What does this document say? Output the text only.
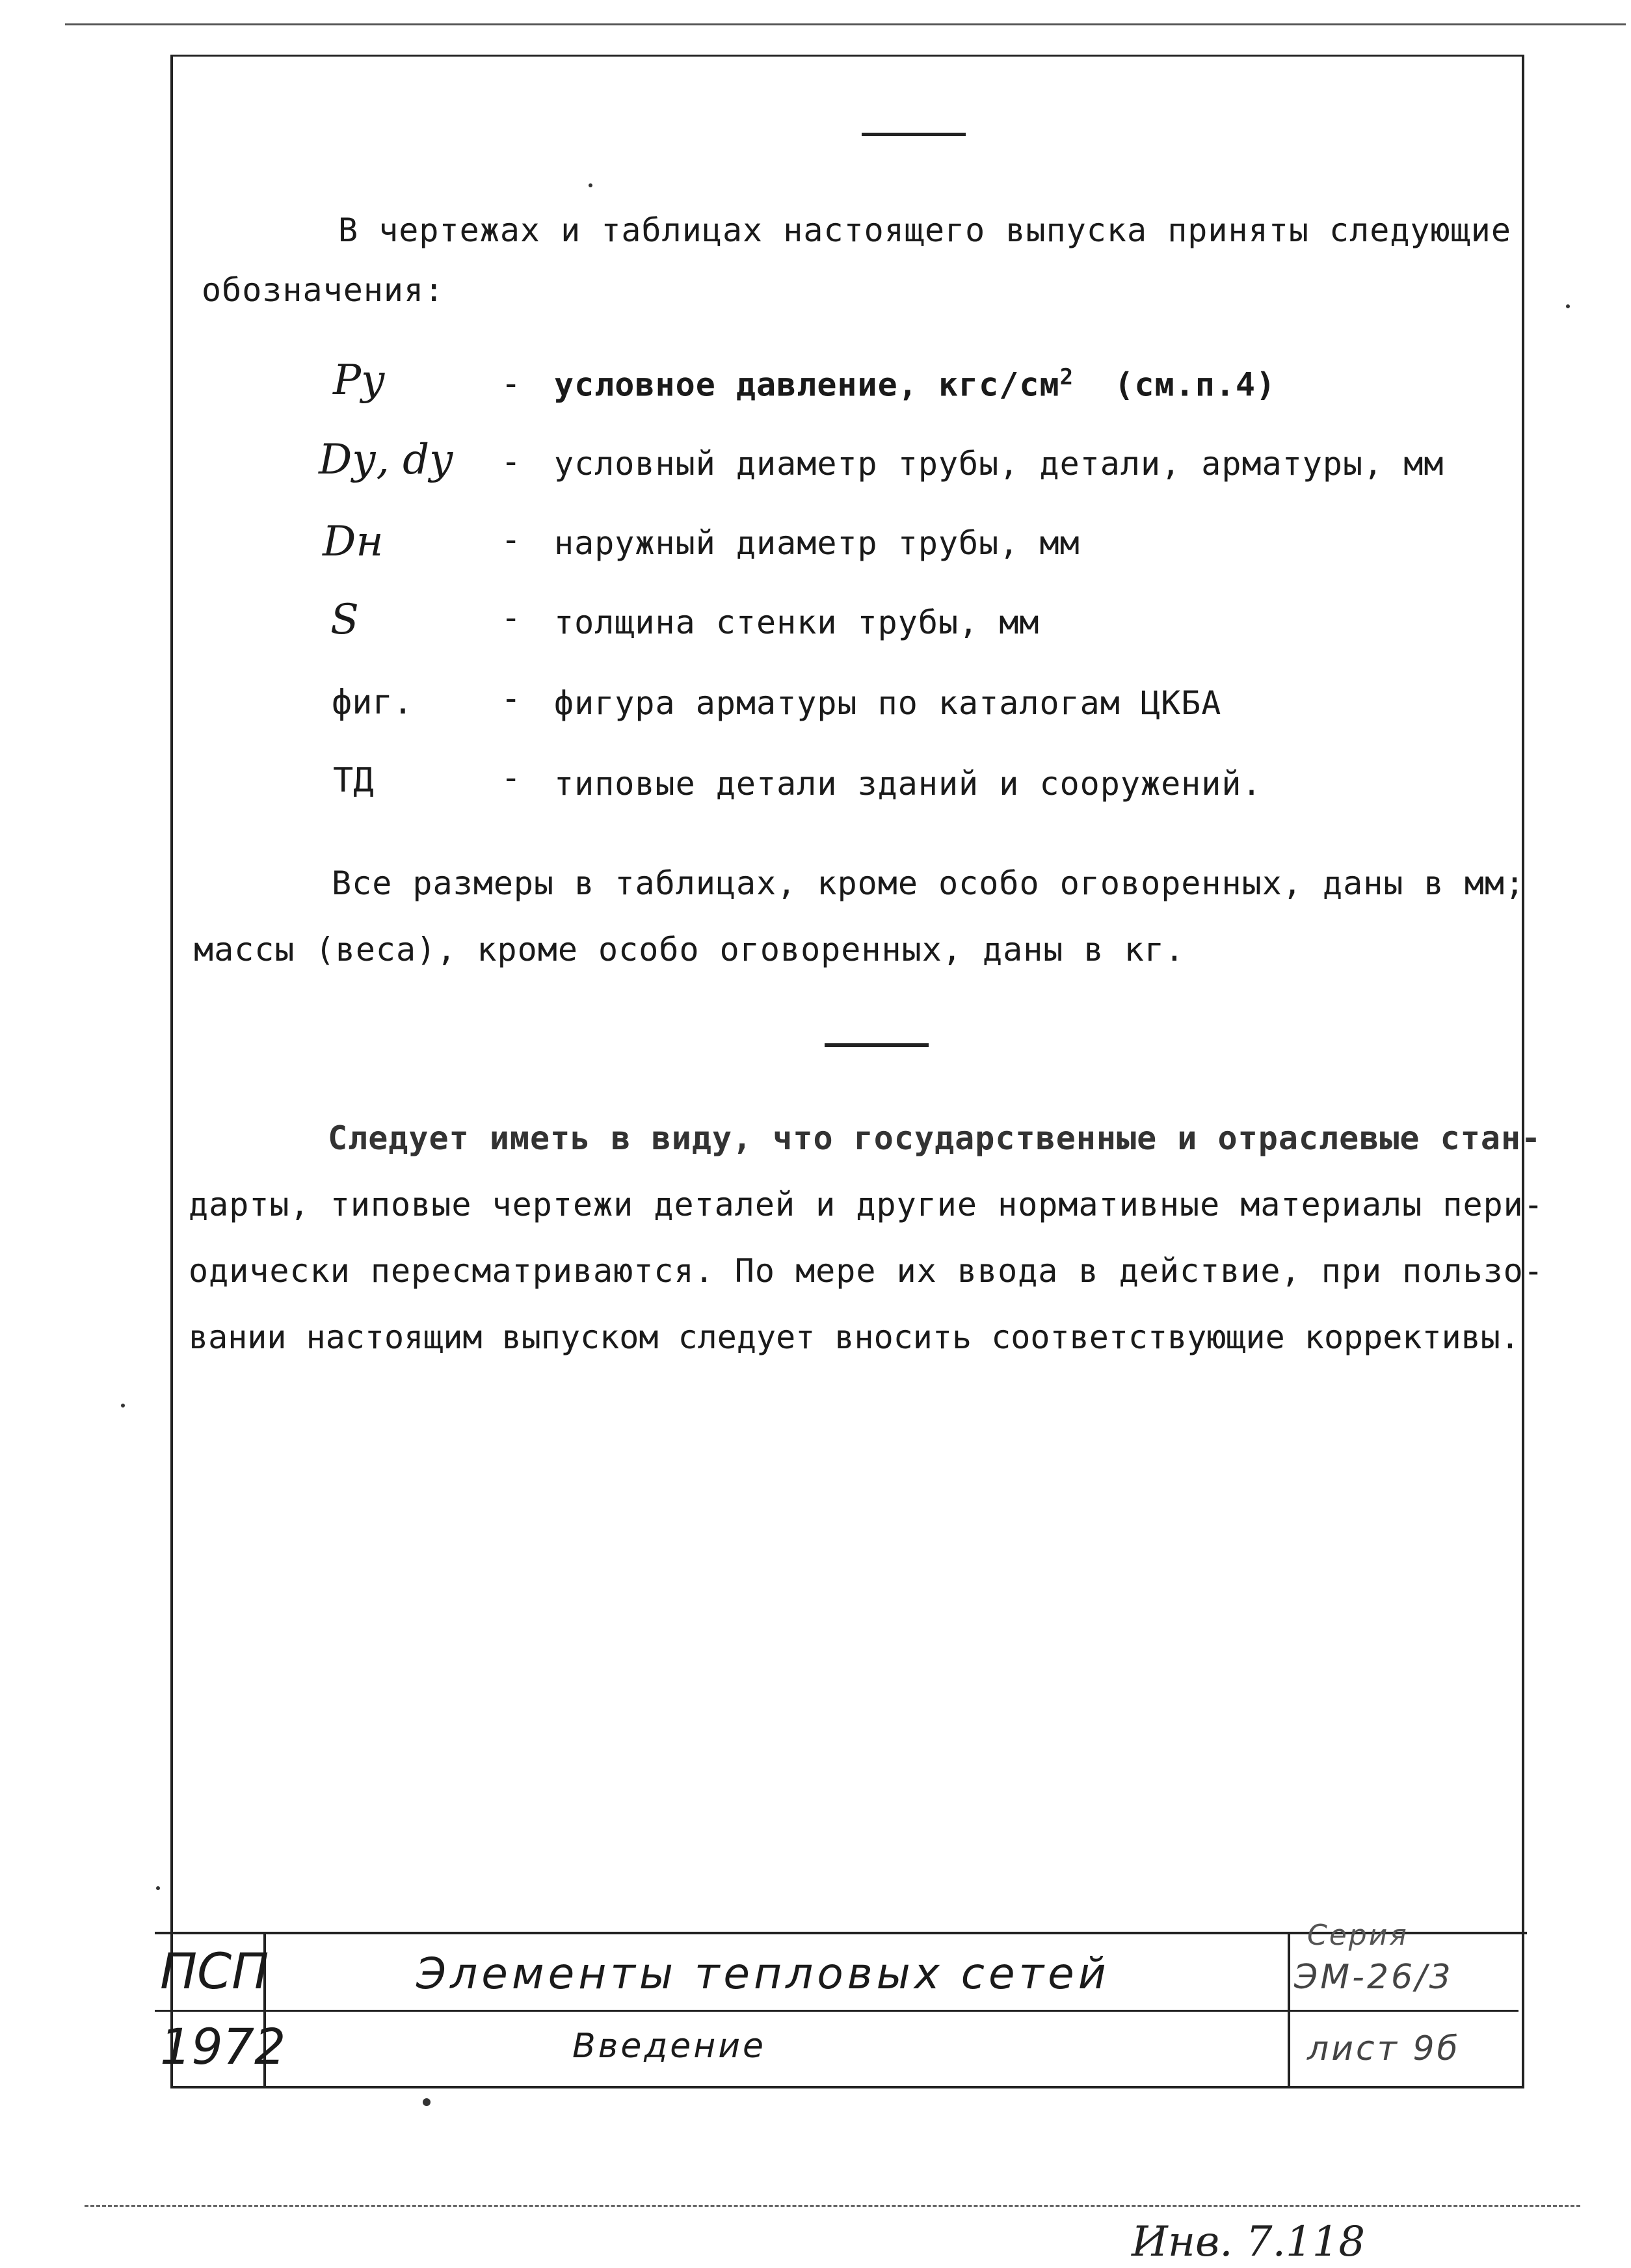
В чертежах и таблицах настоящего выпуска приняты следующие

обозначения:

Pу	- условное давление, кгс/$см^2$ (см.п.4)
Dу, dу - условный диаметр трубы, детали, арматуры, мм
Dн	- наружный диаметр трубы, мм
S	- толщина стенки трубы, мм
фиг.	- фигура арматуры по каталогам ЦКБА
ТД	- типовые детали зданий и сооружений.

Все размеры в таблицах, кроме особо оговоренных, даны в мм;

массы (веса), кроме особо оговоренных, даны в кг.

Следует иметь в виду, что государственные и отраслевые стан-

дарты, типовые чертежи деталей и другие нормативные материалы пери-

одически пересматриваются. По мере их ввода в действие, при пользо-

вании настоящим выпуском следует вносить соответствующие коррективы.

ПСП
1972
Элементы тепловых сетей
Введение
Серия
ЭМ-26/3
лист 9б
Инв. 7.118
